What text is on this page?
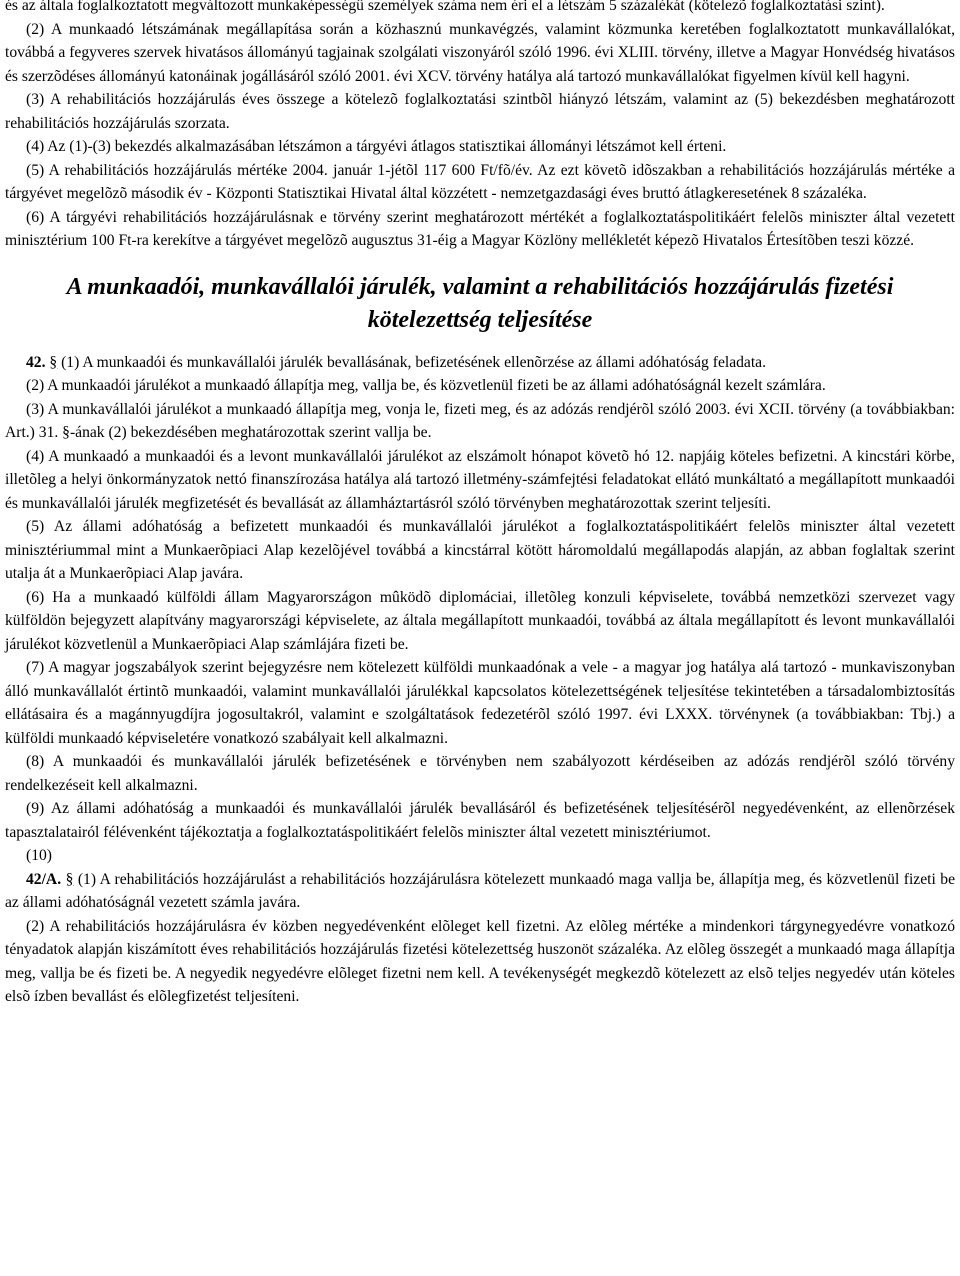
és az általa foglalkoztatott megváltozott munkaképességû személyek száma nem éri el a létszám 5 százalékát (kötelezõ foglalkoztatási szint).

(2) A munkaadó létszámának megállapítása során a közhasznú munkavégzés, valamint közmunka keretében foglalkoztatott munkavállalókat, továbbá a fegyveres szervek hivatásos állományú tagjainak szolgálati viszonyáról szóló 1996. évi XLIII. törvény, illetve a Magyar Honvédség hivatásos és szerzõdéses állományú katonáinak jogállásáról szóló 2001. évi XCV. törvény hatálya alá tartozó munkavállalókat figyelmen kívül kell hagyni.

(3) A rehabilitációs hozzájárulás éves összege a kötelezõ foglalkoztatási szintbõl hiányzó létszám, valamint az (5) bekezdésben meghatározott rehabilitációs hozzájárulás szorzata.

(4) Az (1)-(3) bekezdés alkalmazásában létszámon a tárgyévi átlagos statisztikai állományi létszámot kell érteni.

(5) A rehabilitációs hozzájárulás mértéke 2004. január 1-jétõl 117 600 Ft/fõ/év. Az ezt követõ idõszakban a rehabilitációs hozzájárulás mértéke a tárgyévet megelõzõ második év - Központi Statisztikai Hivatal által közzétett - nemzetgazdasági éves bruttó átlagkeresetének 8 százaléka.

(6) A tárgyévi rehabilitációs hozzájárulásnak e törvény szerint meghatározott mértékét a foglalkoztatáspolitikáért felelõs miniszter által vezetett minisztérium 100 Ft-ra kerekítve a tárgyévet megelõzõ augusztus 31-éig a Magyar Közlöny mellékletét képezõ Hivatalos Értesítõben teszi közzé.

A munkaadói, munkavállalói járulék, valamint a rehabilitációs hozzájárulás fizetési kötelezettség teljesítése

42. § (1) A munkaadói és munkavállalói járulék bevallásának, befizetésének ellenõrzése az állami adóhatóság feladata.

(2) A munkaadói járulékot a munkaadó állapítja meg, vallja be, és közvetlenül fizeti be az állami adóhatóságnál kezelt számlára.

(3) A munkavállalói járulékot a munkaadó állapítja meg, vonja le, fizeti meg, és az adózás rendjérõl szóló 2003. évi XCII. törvény (a továbbiakban: Art.) 31. §-ának (2) bekezdésében meghatározottak szerint vallja be.

(4) A munkaadó a munkaadói és a levont munkavállalói járulékot az elszámolt hónapot követõ hó 12. napjáig köteles befizetni. A kincstári körbe, illetõleg a helyi önkormányzatok nettó finanszírozása hatálya alá tartozó illetmény-számfejtési feladatokat ellátó munkáltató a megállapított munkaadói és munkavállalói járulék megfizetését és bevallását az államháztartásról szóló törvényben meghatározottak szerint teljesíti.

(5) Az állami adóhatóság a befizetett munkaadói és munkavállalói járulékot a foglalkoztatáspolitikáért felelõs miniszter által vezetett minisztériummal mint a Munkaerõpiaci Alap kezelõjével továbbá a kincstárral kötött háromoldalú megállapodás alapján, az abban foglaltak szerint utalja át a Munkaerõpiaci Alap javára.

(6) Ha a munkaadó külföldi állam Magyarországon mûködõ diplomáciai, illetõleg konzuli képviselete, továbbá nemzetközi szervezet vagy külföldön bejegyzett alapítvány magyarországi képviselete, az általa megállapított munkaadói, továbbá az általa megállapított és levont munkavállalói járulékot közvetlenül a Munkaerõpiaci Alap számlájára fizeti be.

(7) A magyar jogszabályok szerint bejegyzésre nem kötelezett külföldi munkaadónak a vele - a magyar jog hatálya alá tartozó - munkaviszonyban álló munkavállalót értintõ munkaadói, valamint munkavállalói járulékkal kapcsolatos kötelezettségének teljesítése tekintetében a társadalombiztosítás ellátásaira és a magánnyugdíjra jogosultakról, valamint e szolgáltatások fedezetérõl szóló 1997. évi LXXX. törvénynek (a továbbiakban: Tbj.) a külföldi munkaadó képviseletére vonatkozó szabályait kell alkalmazni.

(8) A munkaadói és munkavállalói járulék befizetésének e törvényben nem szabályozott kérdéseiben az adózás rendjérõl szóló törvény rendelkezéseit kell alkalmazni.

(9) Az állami adóhatóság a munkaadói és munkavállalói járulék bevallásáról és befizetésének teljesítésérõl negyedévenként, az ellenõrzések tapasztalatairól félévenként tájékoztatja a foglalkoztatáspolitikáért felelõs miniszter által vezetett minisztériumot.

(10)

42/A. § (1) A rehabilitációs hozzájárulást a rehabilitációs hozzájárulásra kötelezett munkaadó maga vallja be, állapítja meg, és közvetlenül fizeti be az állami adóhatóságnál vezetett számla javára.

(2) A rehabilitációs hozzájárulásra év közben negyedévenként elõleget kell fizetni. Az elõleg mértéke a mindenkori tárgynegyedévre vonatkozó tényadatok alapján kiszámított éves rehabilitációs hozzájárulás fizetési kötelezettség huszonöt százaléka. Az elõleg összegét a munkaadó maga állapítja meg, vallja be és fizeti be. A negyedik negyedévre elõleget fizetni nem kell. A tevékenységét megkezdõ kötelezett az elsõ teljes negyedév után köteles elsõ ízben bevallást és elõlegfizetést teljesíteni.
